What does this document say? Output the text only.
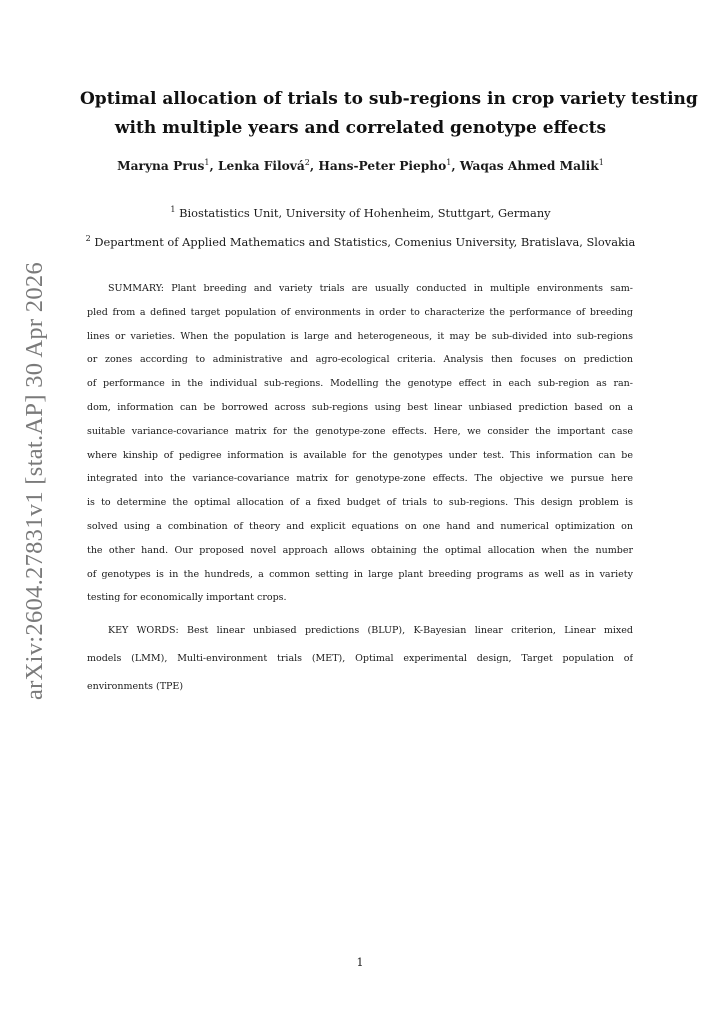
arXiv:2604.27831v1 [stat.AP] 30 Apr 2026
Optimal allocation of trials to sub-regions in crop variety testing
with multiple years and correlated genotype effects

Maryna Prus$^1$, Lenka Filová$^2$, Hans-Peter Piepho$^1$, Waqas Ahmed Malik$^1$

$^1$ Biostatistics Unit, University of Hohenheim, Stuttgart, Germany

$^2$ Department of Applied Mathematics and Statistics, Comenius University, Bratislava, Slovakia

SUMMARY: Plant breeding and variety trials are usually conducted in multiple environments sam-
pled from a defined target population of environments in order to characterize the performance of breeding
lines or varieties. When the population is large and heterogeneous, it may be sub-divided into sub-regions
or zones according to administrative and agro-ecological criteria. Analysis then focuses on prediction
of performance in the individual sub-regions. Modelling the genotype effect in each sub-region as ran-
dom, information can be borrowed across sub-regions using best linear unbiased prediction based on a
suitable variance-covariance matrix for the genotype-zone effects. Here, we consider the important case
where kinship of pedigree information is available for the genotypes under test. This information can be
integrated into the variance-covariance matrix for genotype-zone effects. The objective we pursue here
is to determine the optimal allocation of a fixed budget of trials to sub-regions. This design problem is
solved using a combination of theory and explicit equations on one hand and numerical optimization on
the other hand. Our proposed novel approach allows obtaining the optimal allocation when the number
of genotypes is in the hundreds, a common setting in large plant breeding programs as well as in variety
testing for economically important crops.
KEY WORDS: Best linear unbiased predictions (BLUP), K-Bayesian linear criterion, Linear mixed
models (LMM), Multi-environment trials (MET), Optimal experimental design, Target population of
environments (TPE)

1
